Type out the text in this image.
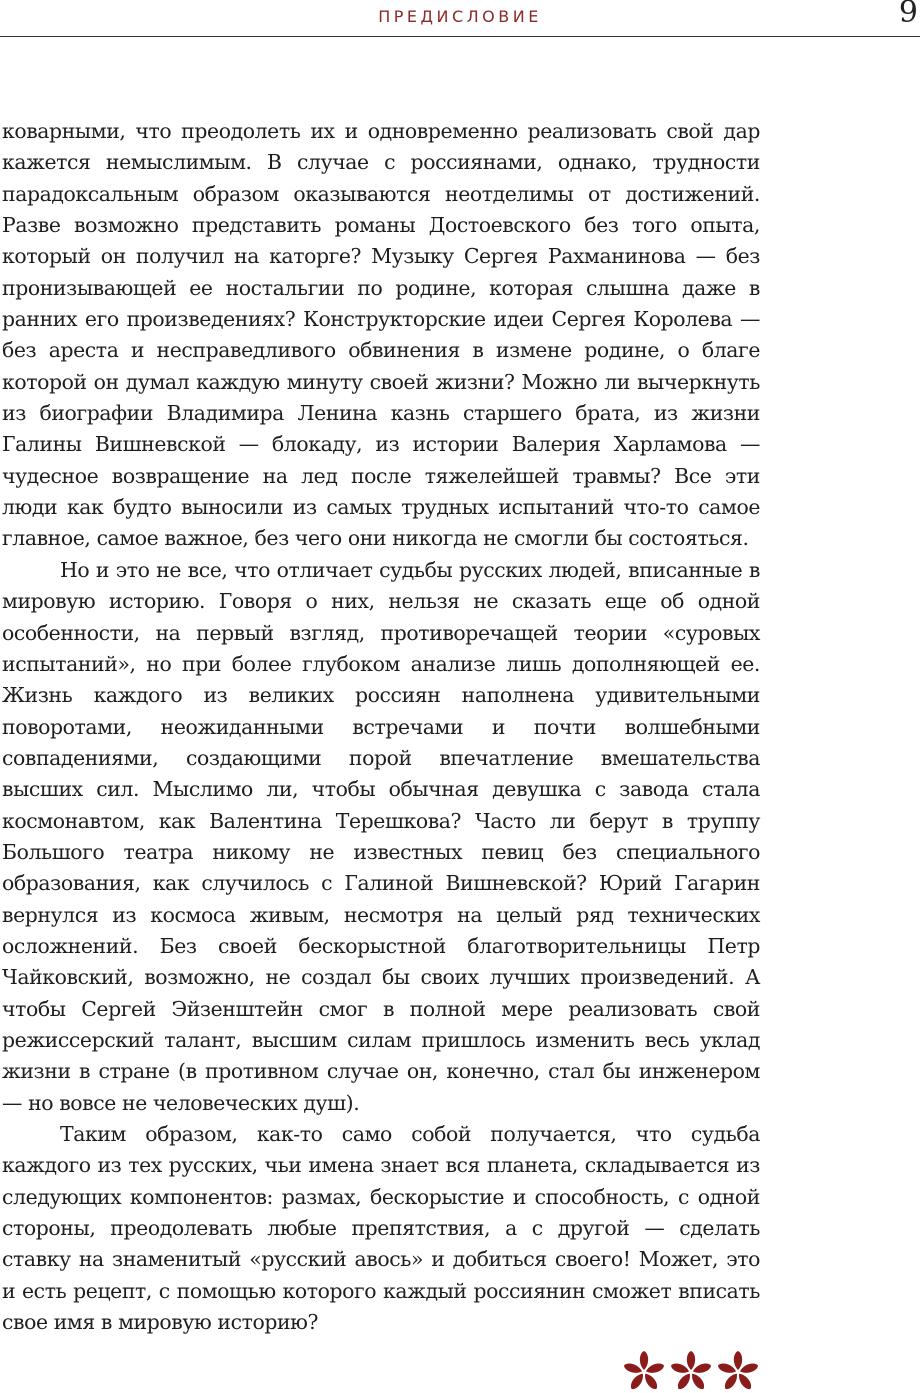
ПРЕДИСЛОВИЕ	9

коварными, что преодолеть их и одновременно реализовать свой дар кажется немыслимым. В случае с россиянами, однако, трудности парадоксальным образом оказываются неотделимы от достижений. Разве возможно представить романы Достоевского без того опыта, который он получил на каторге? Музыку Сергея Рахманинова — без пронизывающей ее ностальгии по родине, которая слышна даже в ранних его произведениях? Конструкторские идеи Сергея Королева — без ареста и несправедливого обвинения в измене родине, о благе которой он думал каждую минуту своей жизни? Можно ли вычеркнуть из биографии Владимира Ленина казнь старшего брата, из жизни Галины Вишневской — блокаду, из истории Валерия Харламова — чудесное возвращение на лед после тяжелейшей травмы? Все эти люди как будто выносили из самых трудных испытаний что-то самое главное, самое важное, без чего они никогда не смогли бы состояться.

Но и это не все, что отличает судьбы русских людей, вписанные в мировую историю. Говоря о них, нельзя не сказать еще об одной особенности, на первый взгляд, противоречащей теории «суровых испытаний», но при более глубоком анализе лишь дополняющей ее. Жизнь каждого из великих россиян наполнена удивительными поворотами, неожиданными встречами и почти волшебными совпадениями, создающими порой впечатление вмешательства высших сил. Мыслимо ли, чтобы обычная девушка с завода стала космонавтом, как Валентина Терешкова? Часто ли берут в труппу Большого театра никому не известных певиц без специального образования, как случилось с Галиной Вишневской? Юрий Гагарин вернулся из космоса живым, несмотря на целый ряд технических осложнений. Без своей бескорыстной благотворительницы Петр Чайковский, возможно, не создал бы своих лучших произведений. А чтобы Сергей Эйзенштейн смог в полной мере реализовать свой режиссерский талант, высшим силам пришлось изменить весь уклад жизни в стране (в противном случае он, конечно, стал бы инженером — но вовсе не человеческих душ).

Таким образом, как-то само собой получается, что судьба каждого из тех русских, чьи имена знает вся планета, складывается из следующих компонентов: размах, бескорыстие и способность, с одной стороны, преодолевать любые препятствия, а с другой — сделать ставку на знаменитый «русский авось» и добиться своего! Может, это и есть рецепт, с помощью которого каждый россиянин сможет вписать свое имя в мировую историю?
